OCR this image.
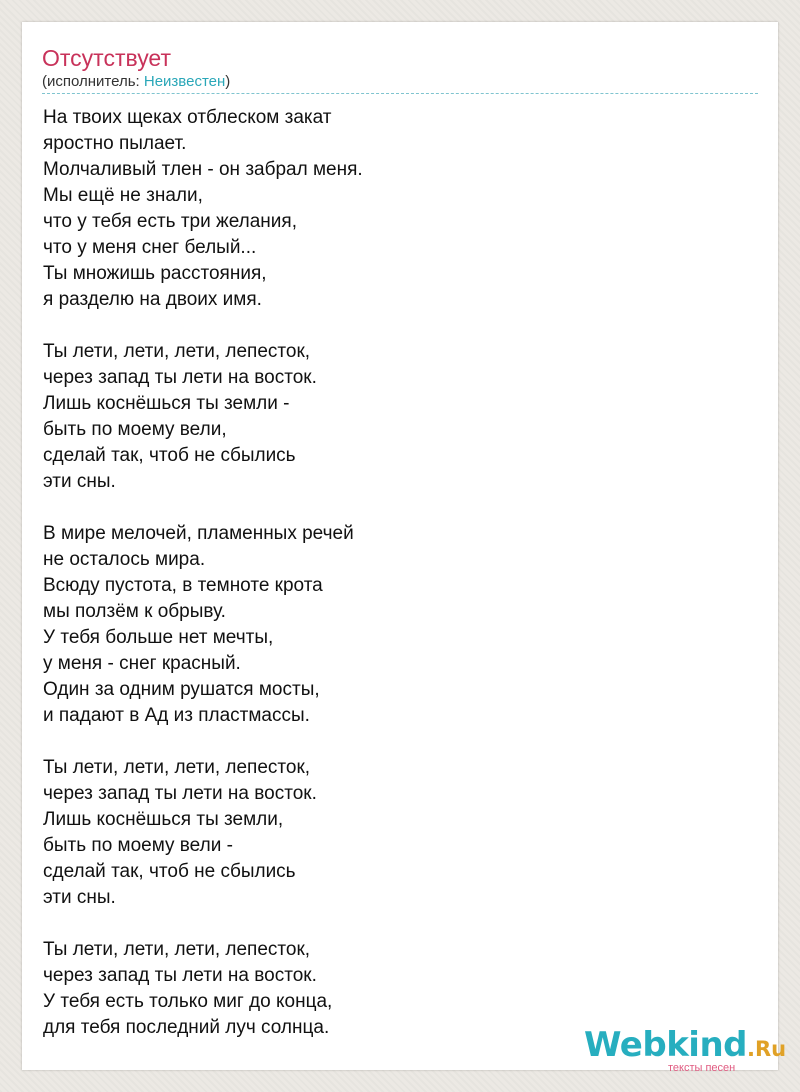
Отсутствует
(исполнитель: Неизвестен)
На твоих щеках отблеском закат
яростно пылает.
Молчаливый тлен - он забрал меня.
Мы ещё не знали,
что у тебя есть три желания,
что у меня снег белый...
Ты множишь расстояния,
я разделю на двоих имя.
Ты лети, лети, лети, лепесток,
через запад ты лети на восток.
Лишь коснёшься ты земли -
быть по моему вели,
сделай так, чтоб не сбылись
эти сны.
В мире мелочей, пламенных речей
не осталось мира.
Всюду пустота, в темноте крота
мы ползём к обрыву.
У тебя больше нет мечты,
у меня - снег красный.
Один за одним рушатся мосты,
и падают в Ад из пластмассы.
Ты лети, лети, лети, лепесток,
через запад ты лети на восток.
Лишь коснёшься ты земли,
быть по моему вели -
сделай так, чтоб не сбылись
эти сны.
Ты лети, лети, лети, лепесток,
через запад ты лети на восток.
У тебя есть только миг до конца,
для тебя последний луч солнца.	Webkind.Ru
тексты песен
